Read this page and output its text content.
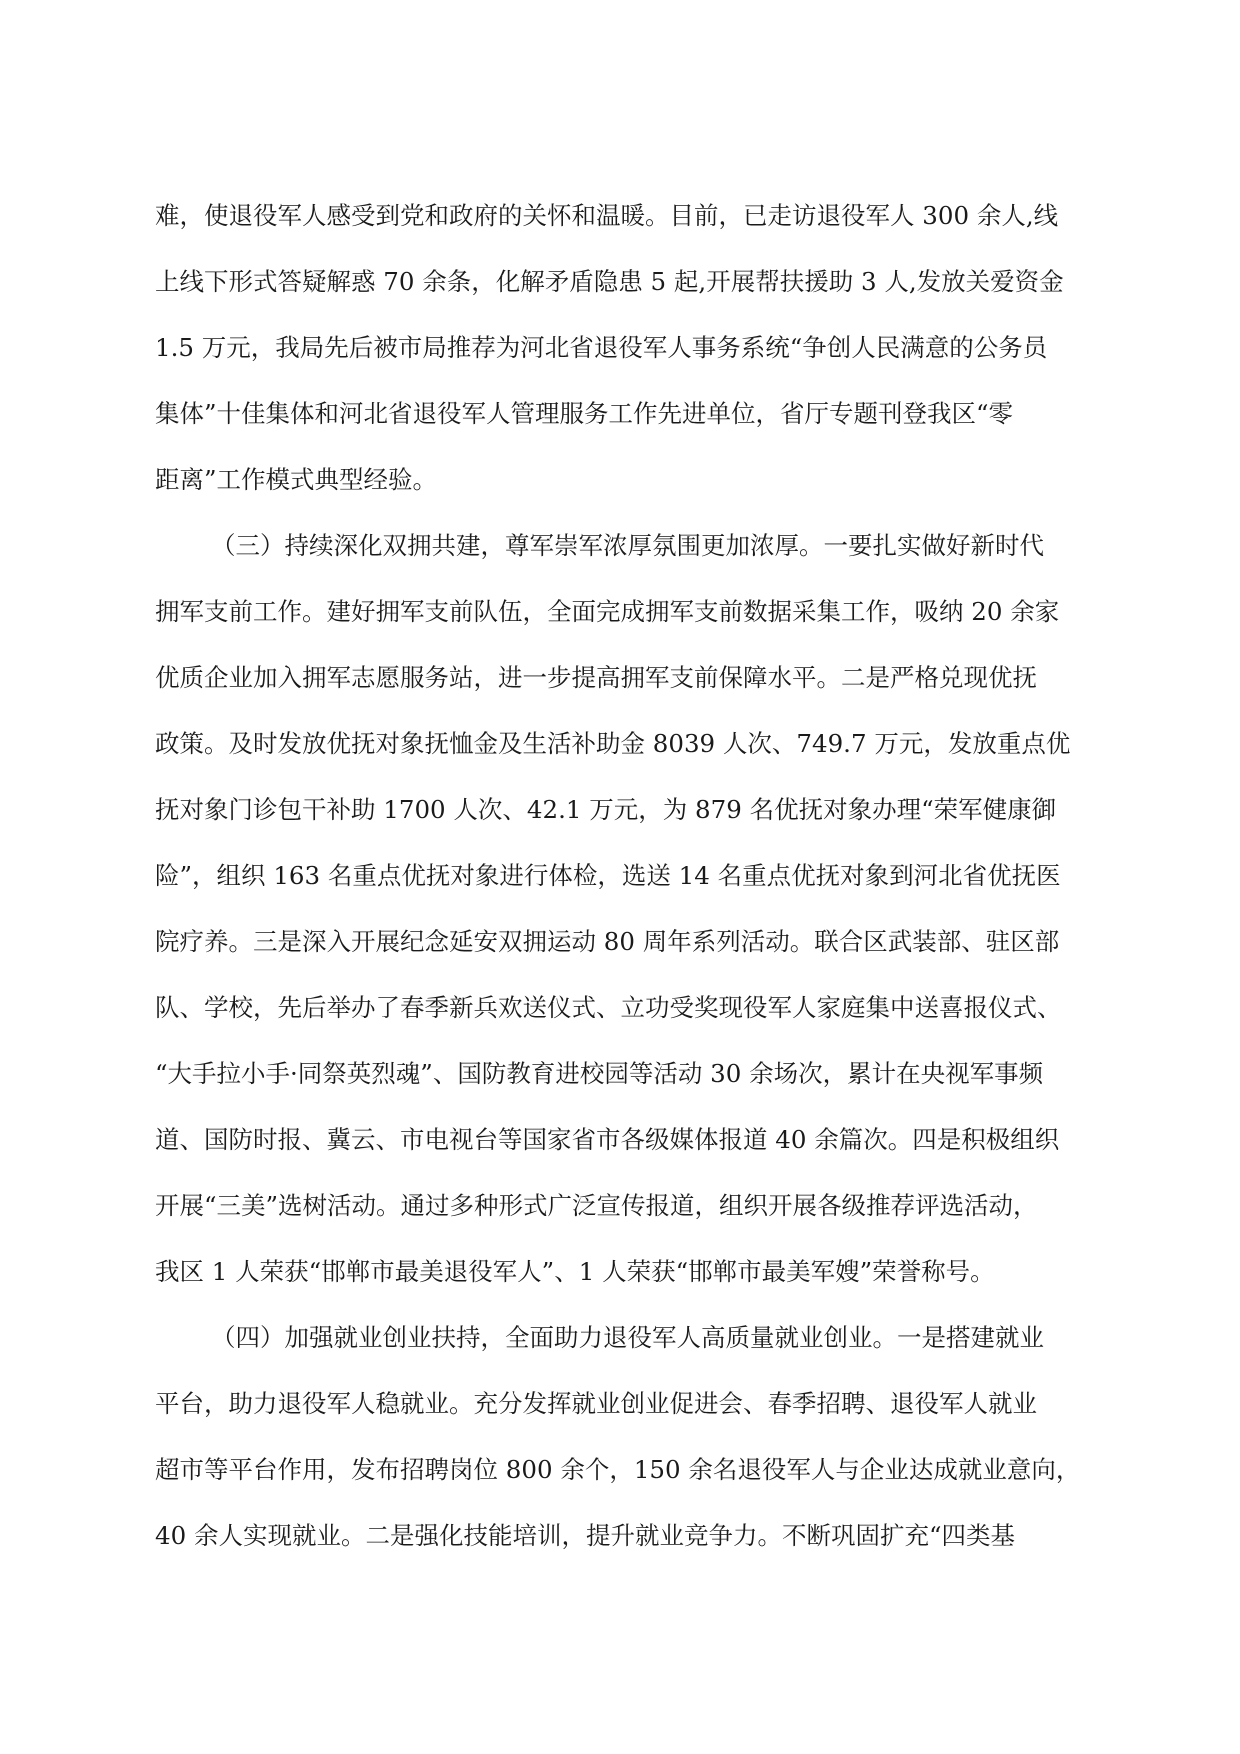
难，使退役军人感受到党和政府的关怀和温暖。目前，已走访退役军人 300 余人,线
上线下形式答疑解惑 70 余条，化解矛盾隐患 5 起,开展帮扶援助 3 人,发放关爱资金
1.5 万元，我局先后被市局推荐为河北省退役军人事务系统“争创人民满意的公务员
集体”十佳集体和河北省退役军人管理服务工作先进单位，省厅专题刊登我区“零
距离”工作模式典型经验。
（三）持续深化双拥共建，尊军崇军浓厚氛围更加浓厚。一要扎实做好新时代
拥军支前工作。建好拥军支前队伍，全面完成拥军支前数据采集工作，吸纳 20 余家
优质企业加入拥军志愿服务站，进一步提高拥军支前保障水平。二是严格兑现优抚
政策。及时发放优抚对象抚恤金及生活补助金 8039 人次、749.7 万元，发放重点优
抚对象门诊包干补助 1700 人次、42.1 万元，为 879 名优抚对象办理“荣军健康御
险”，组织 163 名重点优抚对象进行体检，选送 14 名重点优抚对象到河北省优抚医
院疗养。三是深入开展纪念延安双拥运动 80 周年系列活动。联合区武装部、驻区部
队、学校，先后举办了春季新兵欢送仪式、立功受奖现役军人家庭集中送喜报仪式、
“大手拉小手·同祭英烈魂”、国防教育进校园等活动 30 余场次，累计在央视军事频
道、国防时报、冀云、市电视台等国家省市各级媒体报道 40 余篇次。四是积极组织
开展“三美”选树活动。通过多种形式广泛宣传报道，组织开展各级推荐评选活动，
我区 1 人荣获“邯郸市最美退役军人”、1 人荣获“邯郸市最美军嫂”荣誉称号。
（四）加强就业创业扶持，全面助力退役军人高质量就业创业。一是搭建就业
平台，助力退役军人稳就业。充分发挥就业创业促进会、春季招聘、退役军人就业
超市等平台作用，发布招聘岗位 800 余个，150 余名退役军人与企业达成就业意向，
40 余人实现就业。二是强化技能培训，提升就业竞争力。不断巩固扩充“四类基
